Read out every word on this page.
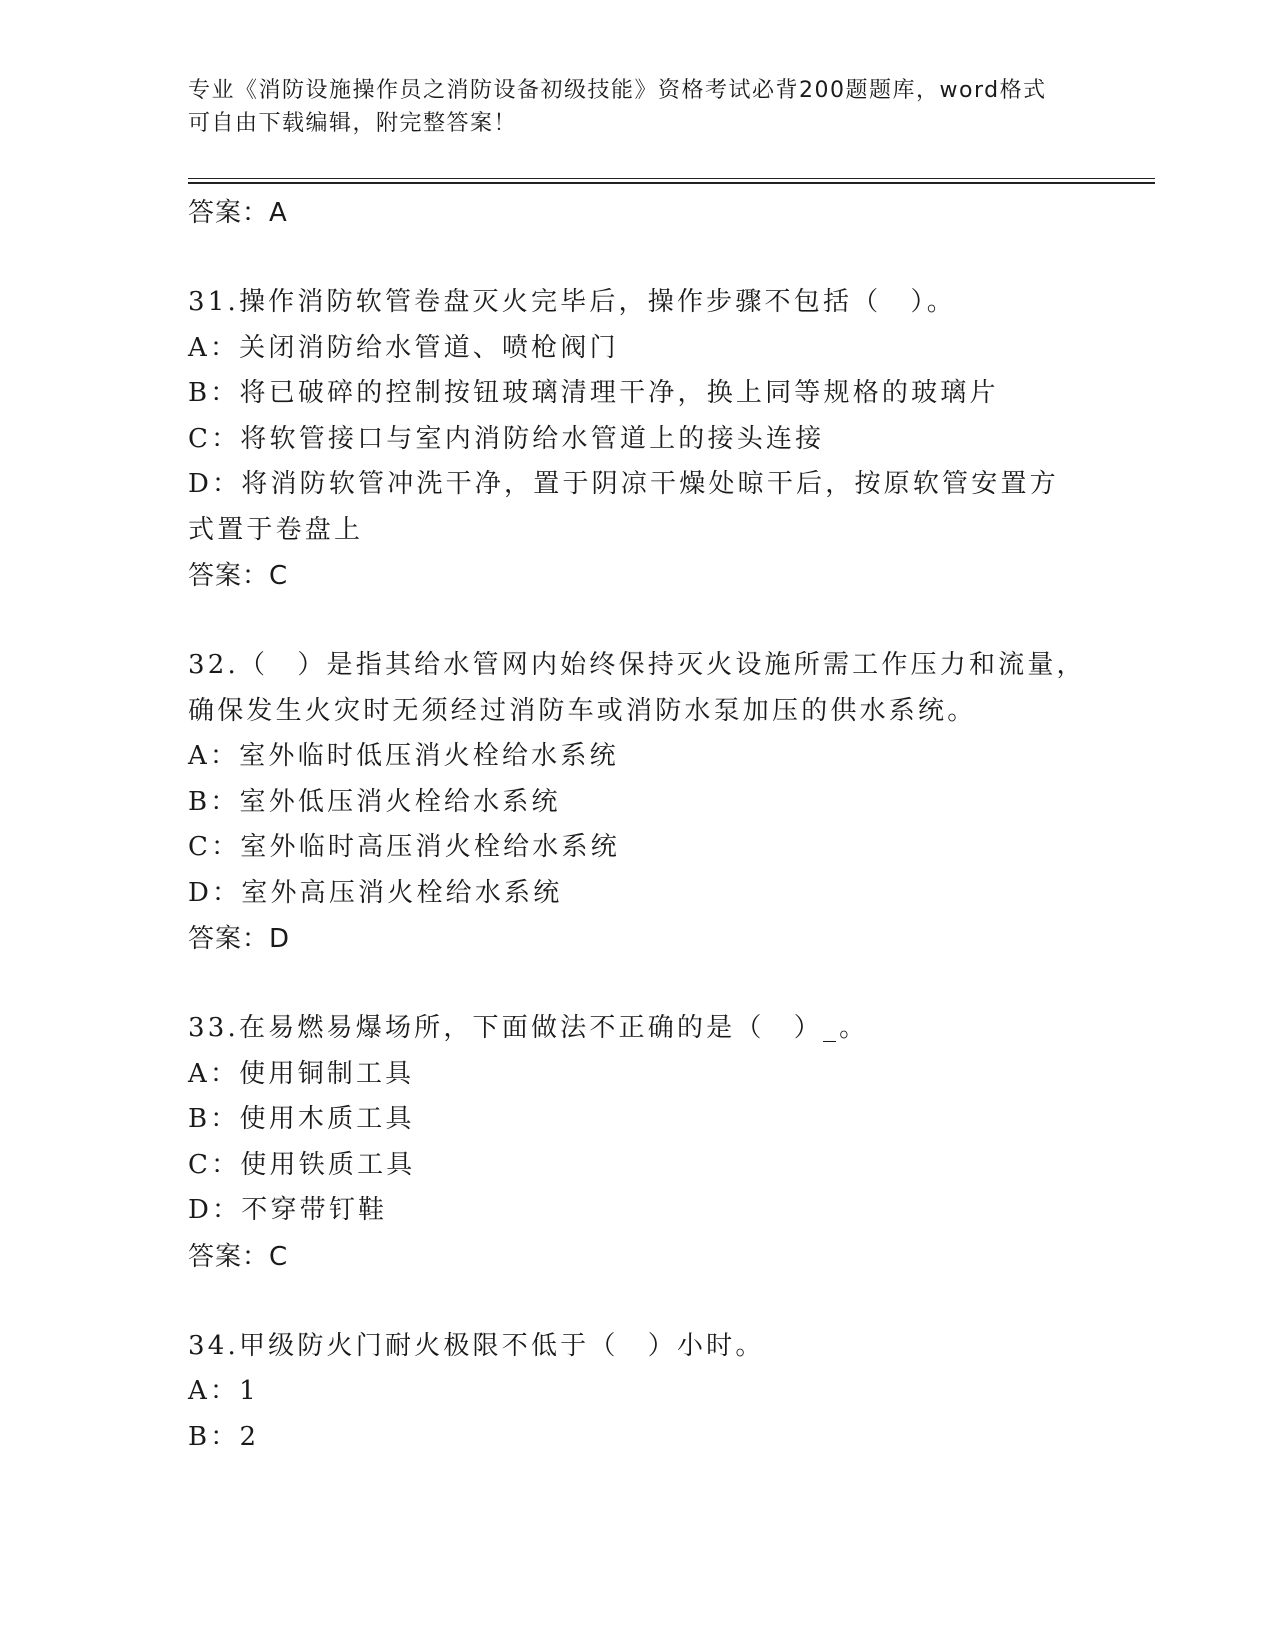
专业《消防设施操作员之消防设备初级技能》资格考试必背200题题库，word格式可自由下载编辑，附完整答案！
答案：A
31.操作消防软管卷盘灭火完毕后，操作步骤不包括（　）。
A：关闭消防给水管道、喷枪阀门
B：将已破碎的控制按钮玻璃清理干净，换上同等规格的玻璃片
C：将软管接口与室内消防给水管道上的接头连接
D：将消防软管冲洗干净，置于阴凉干燥处晾干后，按原软管安置方式置于卷盘上
答案：C
32.（　）是指其给水管网内始终保持灭火设施所需工作压力和流量，确保发生火灾时无须经过消防车或消防水泵加压的供水系统。
A：室外临时低压消火栓给水系统
B：室外低压消火栓给水系统
C：室外临时高压消火栓给水系统
D：室外高压消火栓给水系统
答案：D
33.在易燃易爆场所，下面做法不正确的是（　）_。
A：使用铜制工具
B：使用木质工具
C：使用铁质工具
D：不穿带钉鞋
答案：C
34.甲级防火门耐火极限不低于（　）小时。
A：1
B：2
